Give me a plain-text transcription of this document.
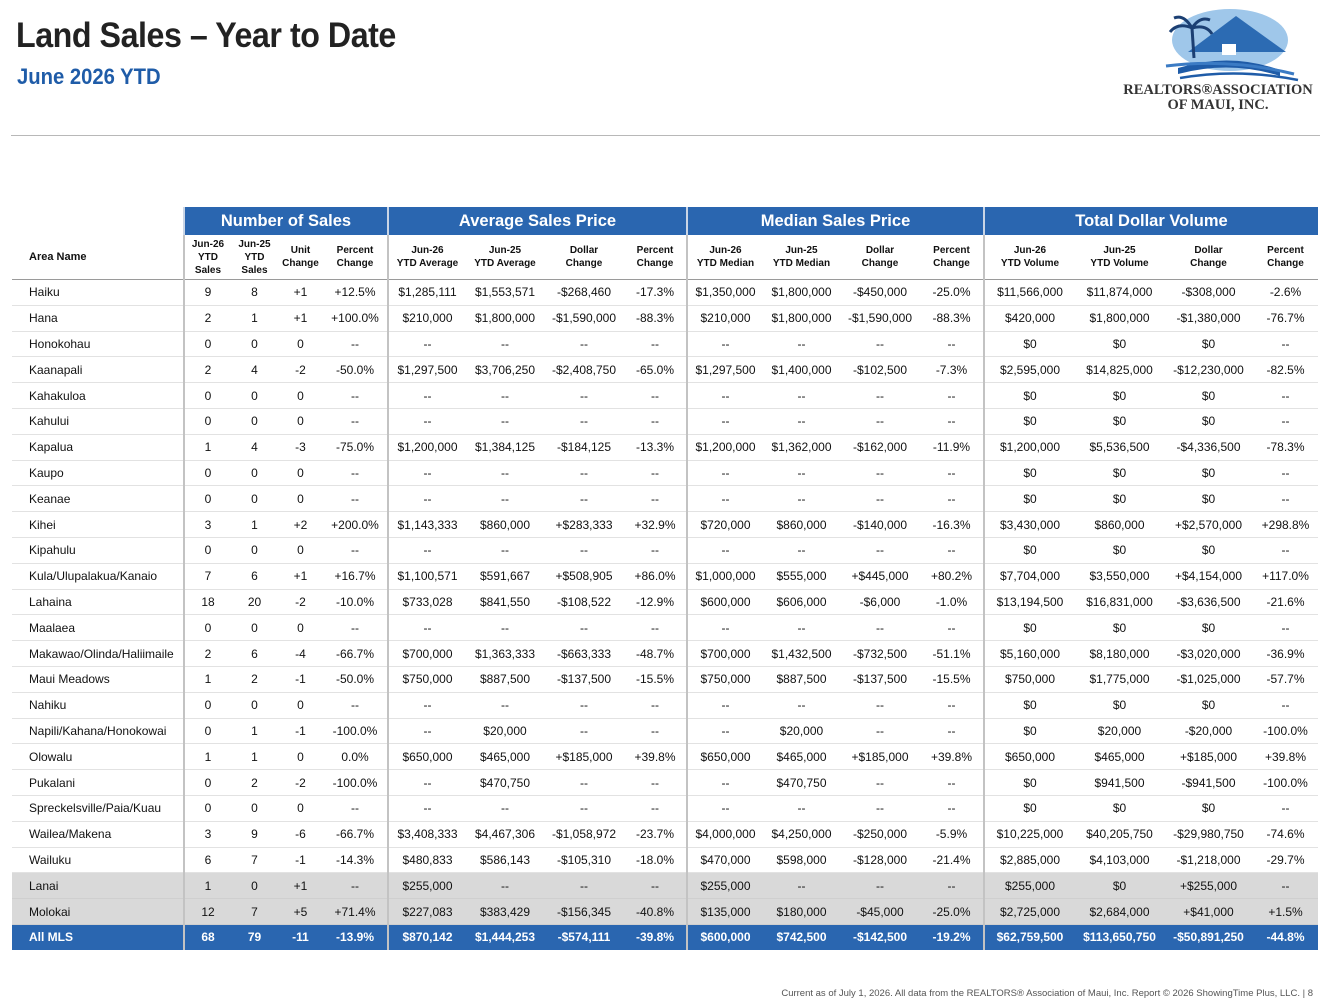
Land Sales – Year to Date
June 2026 YTD
REALTORS®ASSOCIATION
OF MAUI, INC.
	Number of Sales				Average Sales Price				Median Sales Price				Total Dollar Volume			
Area Name	Jun-26
YTD
Sales	Jun-25
YTD
Sales	Unit
Change	Percent
Change	Jun-26
YTD Average	Jun-25
YTD Average	Dollar
Change	Percent
Change	Jun-26
YTD Median	Jun-25
YTD Median	Dollar
Change	Percent
Change	Jun-26
YTD Volume	Jun-25
YTD Volume	Dollar
Change	Percent
Change
Haiku	9	8	+1	+12.5%	$1,285,111	$1,553,571	-$268,460	-17.3%	$1,350,000	$1,800,000	-$450,000	-25.0%	$11,566,000	$11,874,000	-$308,000	-2.6%
Hana	2	1	+1	+100.0%	$210,000	$1,800,000	-$1,590,000	-88.3%	$210,000	$1,800,000	-$1,590,000	-88.3%	$420,000	$1,800,000	-$1,380,000	-76.7%
Honokohau	0	0	0	--	--	--	--	--	--	--	--	--	$0	$0	$0	--
Kaanapali	2	4	-2	-50.0%	$1,297,500	$3,706,250	-$2,408,750	-65.0%	$1,297,500	$1,400,000	-$102,500	-7.3%	$2,595,000	$14,825,000	-$12,230,000	-82.5%
Kahakuloa	0	0	0	--	--	--	--	--	--	--	--	--	$0	$0	$0	--
Kahului	0	0	0	--	--	--	--	--	--	--	--	--	$0	$0	$0	--
Kapalua	1	4	-3	-75.0%	$1,200,000	$1,384,125	-$184,125	-13.3%	$1,200,000	$1,362,000	-$162,000	-11.9%	$1,200,000	$5,536,500	-$4,336,500	-78.3%
Kaupo	0	0	0	--	--	--	--	--	--	--	--	--	$0	$0	$0	--
Keanae	0	0	0	--	--	--	--	--	--	--	--	--	$0	$0	$0	--
Kihei	3	1	+2	+200.0%	$1,143,333	$860,000	+$283,333	+32.9%	$720,000	$860,000	-$140,000	-16.3%	$3,430,000	$860,000	+$2,570,000	+298.8%
Kipahulu	0	0	0	--	--	--	--	--	--	--	--	--	$0	$0	$0	--
Kula/Ulupalakua/Kanaio	7	6	+1	+16.7%	$1,100,571	$591,667	+$508,905	+86.0%	$1,000,000	$555,000	+$445,000	+80.2%	$7,704,000	$3,550,000	+$4,154,000	+117.0%
Lahaina	18	20	-2	-10.0%	$733,028	$841,550	-$108,522	-12.9%	$600,000	$606,000	-$6,000	-1.0%	$13,194,500	$16,831,000	-$3,636,500	-21.6%
Maalaea	0	0	0	--	--	--	--	--	--	--	--	--	$0	$0	$0	--
Makawao/Olinda/Haliimaile	2	6	-4	-66.7%	$700,000	$1,363,333	-$663,333	-48.7%	$700,000	$1,432,500	-$732,500	-51.1%	$5,160,000	$8,180,000	-$3,020,000	-36.9%
Maui Meadows	1	2	-1	-50.0%	$750,000	$887,500	-$137,500	-15.5%	$750,000	$887,500	-$137,500	-15.5%	$750,000	$1,775,000	-$1,025,000	-57.7%
Nahiku	0	0	0	--	--	--	--	--	--	--	--	--	$0	$0	$0	--
Napili/Kahana/Honokowai	0	1	-1	-100.0%	--	$20,000	--	--	--	$20,000	--	--	$0	$20,000	-$20,000	-100.0%
Olowalu	1	1	0	0.0%	$650,000	$465,000	+$185,000	+39.8%	$650,000	$465,000	+$185,000	+39.8%	$650,000	$465,000	+$185,000	+39.8%
Pukalani	0	2	-2	-100.0%	--	$470,750	--	--	--	$470,750	--	--	$0	$941,500	-$941,500	-100.0%
Spreckelsville/Paia/Kuau	0	0	0	--	--	--	--	--	--	--	--	--	$0	$0	$0	--
Wailea/Makena	3	9	-6	-66.7%	$3,408,333	$4,467,306	-$1,058,972	-23.7%	$4,000,000	$4,250,000	-$250,000	-5.9%	$10,225,000	$40,205,750	-$29,980,750	-74.6%
Wailuku	6	7	-1	-14.3%	$480,833	$586,143	-$105,310	-18.0%	$470,000	$598,000	-$128,000	-21.4%	$2,885,000	$4,103,000	-$1,218,000	-29.7%
Lanai	1	0	+1	--	$255,000	--	--	--	$255,000	--	--	--	$255,000	$0	+$255,000	--
Molokai	12	7	+5	+71.4%	$227,083	$383,429	-$156,345	-40.8%	$135,000	$180,000	-$45,000	-25.0%	$2,725,000	$2,684,000	+$41,000	+1.5%
All MLS	68	79	-11	-13.9%	$870,142	$1,444,253	-$574,111	-39.8%	$600,000	$742,500	-$142,500	-19.2%	$62,759,500	$113,650,750	-$50,891,250	-44.8%
Current as of July 1, 2026. All data from the REALTORS® Association of Maui, Inc. Report © 2026 ShowingTime Plus, LLC. | 8
